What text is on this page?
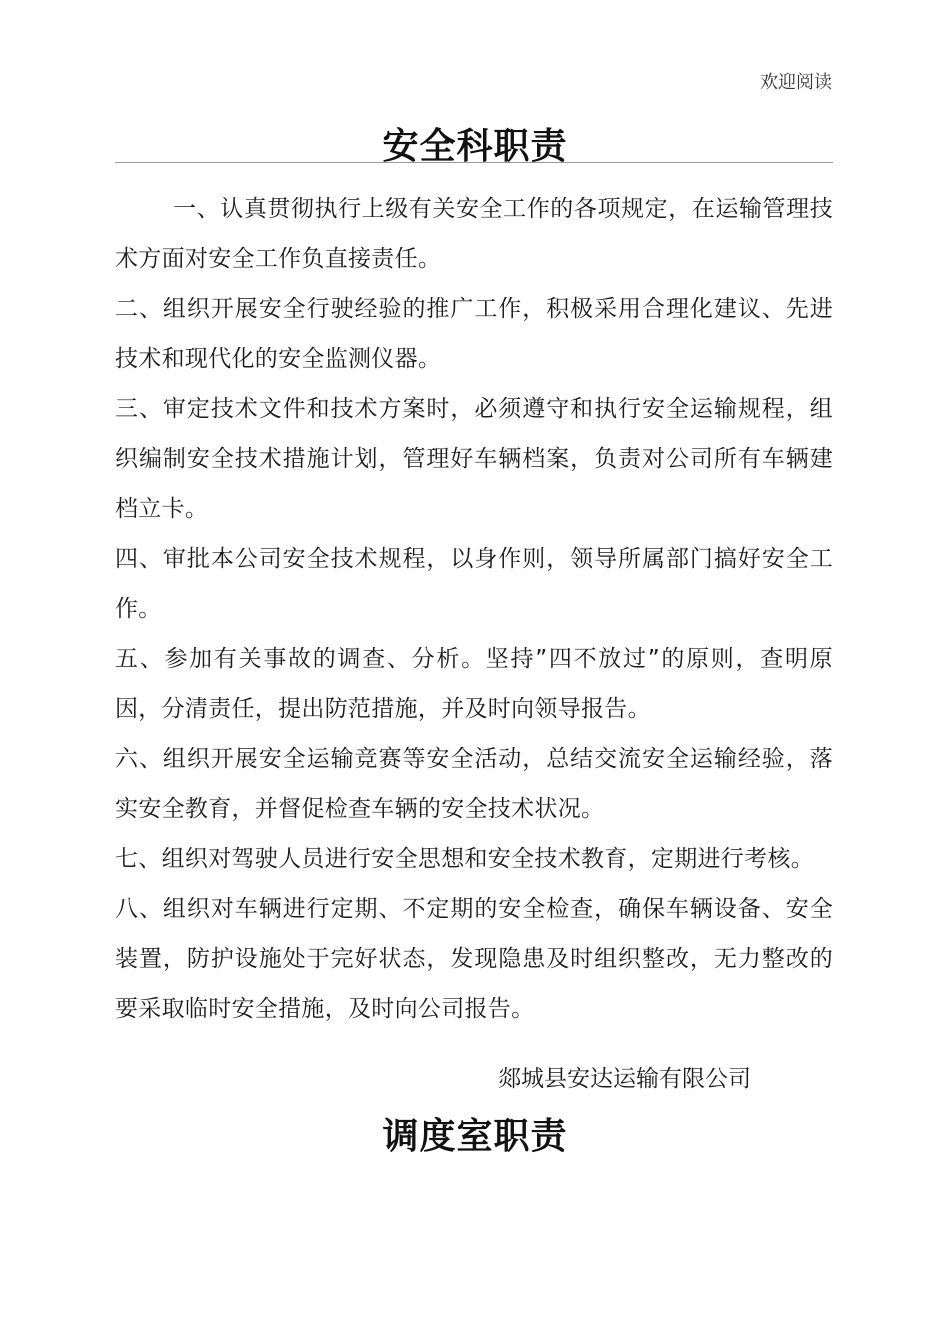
欢迎阅读
安全科职责

一、认真贯彻执行上级有关安全工作的各项规定，在运输管理技术方面对安全工作负直接责任。

二、组织开展安全行驶经验的推广工作，积极采用合理化建议、先进技术和现代化的安全监测仪器。

三、审定技术文件和技术方案时，必须遵守和执行安全运输规程，组织编制安全技术措施计划，管理好车辆档案，负责对公司所有车辆建档立卡。

四、审批本公司安全技术规程，以身作则，领导所属部门搞好安全工作。

五、参加有关事故的调查、分析。坚持”四不放过”的原则，查明原因，分清责任，提出防范措施，并及时向领导报告。

六、组织开展安全运输竞赛等安全活动，总结交流安全运输经验，落实安全教育，并督促检查车辆的安全技术状况。

七、组织对驾驶人员进行安全思想和安全技术教育，定期进行考核。

八、组织对车辆进行定期、不定期的安全检查，确保车辆设备、安全装置，防护设施处于完好状态，发现隐患及时组织整改，无力整改的要采取临时安全措施，及时向公司报告。

郯城县安达运输有限公司
调度室职责
